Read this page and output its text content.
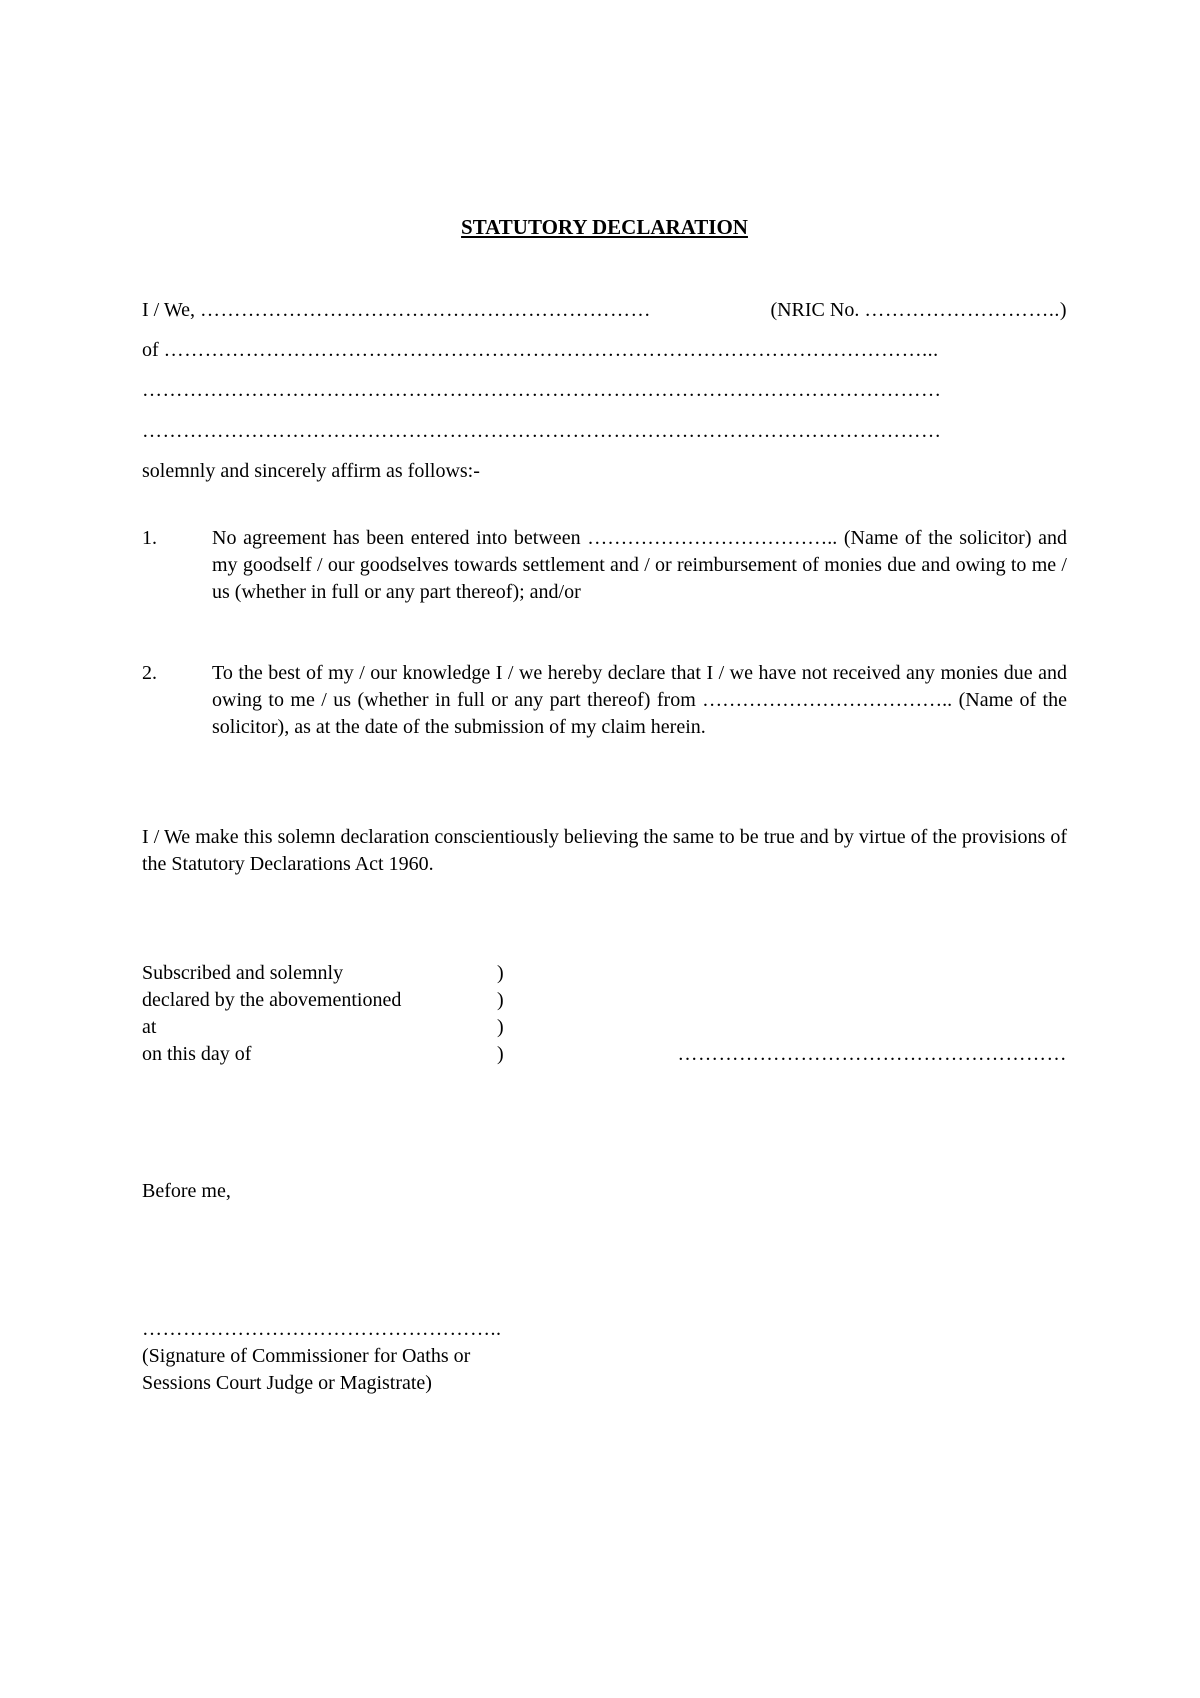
STATUTORY DECLARATION
I / We,
…………………………………………………………
	(NRIC No.
………………………..)
of …………………………………………………………………………………………………...
………………………………………………………………………………………………………
………………………………………………………………………………………………………
solemnly and sincerely affirm as follows:-
1.	No agreement has been entered into between ……………………………….. (Name of the solicitor) and my goodself / our goodselves towards settlement and / or reimbursement of monies due and owing to me / us (whether in full or any part thereof); and/or
2.	To the best of my / our knowledge I / we hereby declare that I / we have not received any monies due and owing to me / us (whether in full or any part thereof) from ……………………………….. (Name of the solicitor), as at the date of the submission of my claim herein.
I / We make this solemn declaration conscientiously believing the same to be true and by virtue of the provisions of the Statutory Declarations Act 1960.
Subscribed and solemnly	)
declared by the abovementioned	)
at	)
on this day of	)	…………………………………………………
Before me,
……………………………………………..
(Signature of Commissioner for Oaths or
Sessions Court Judge or Magistrate)
